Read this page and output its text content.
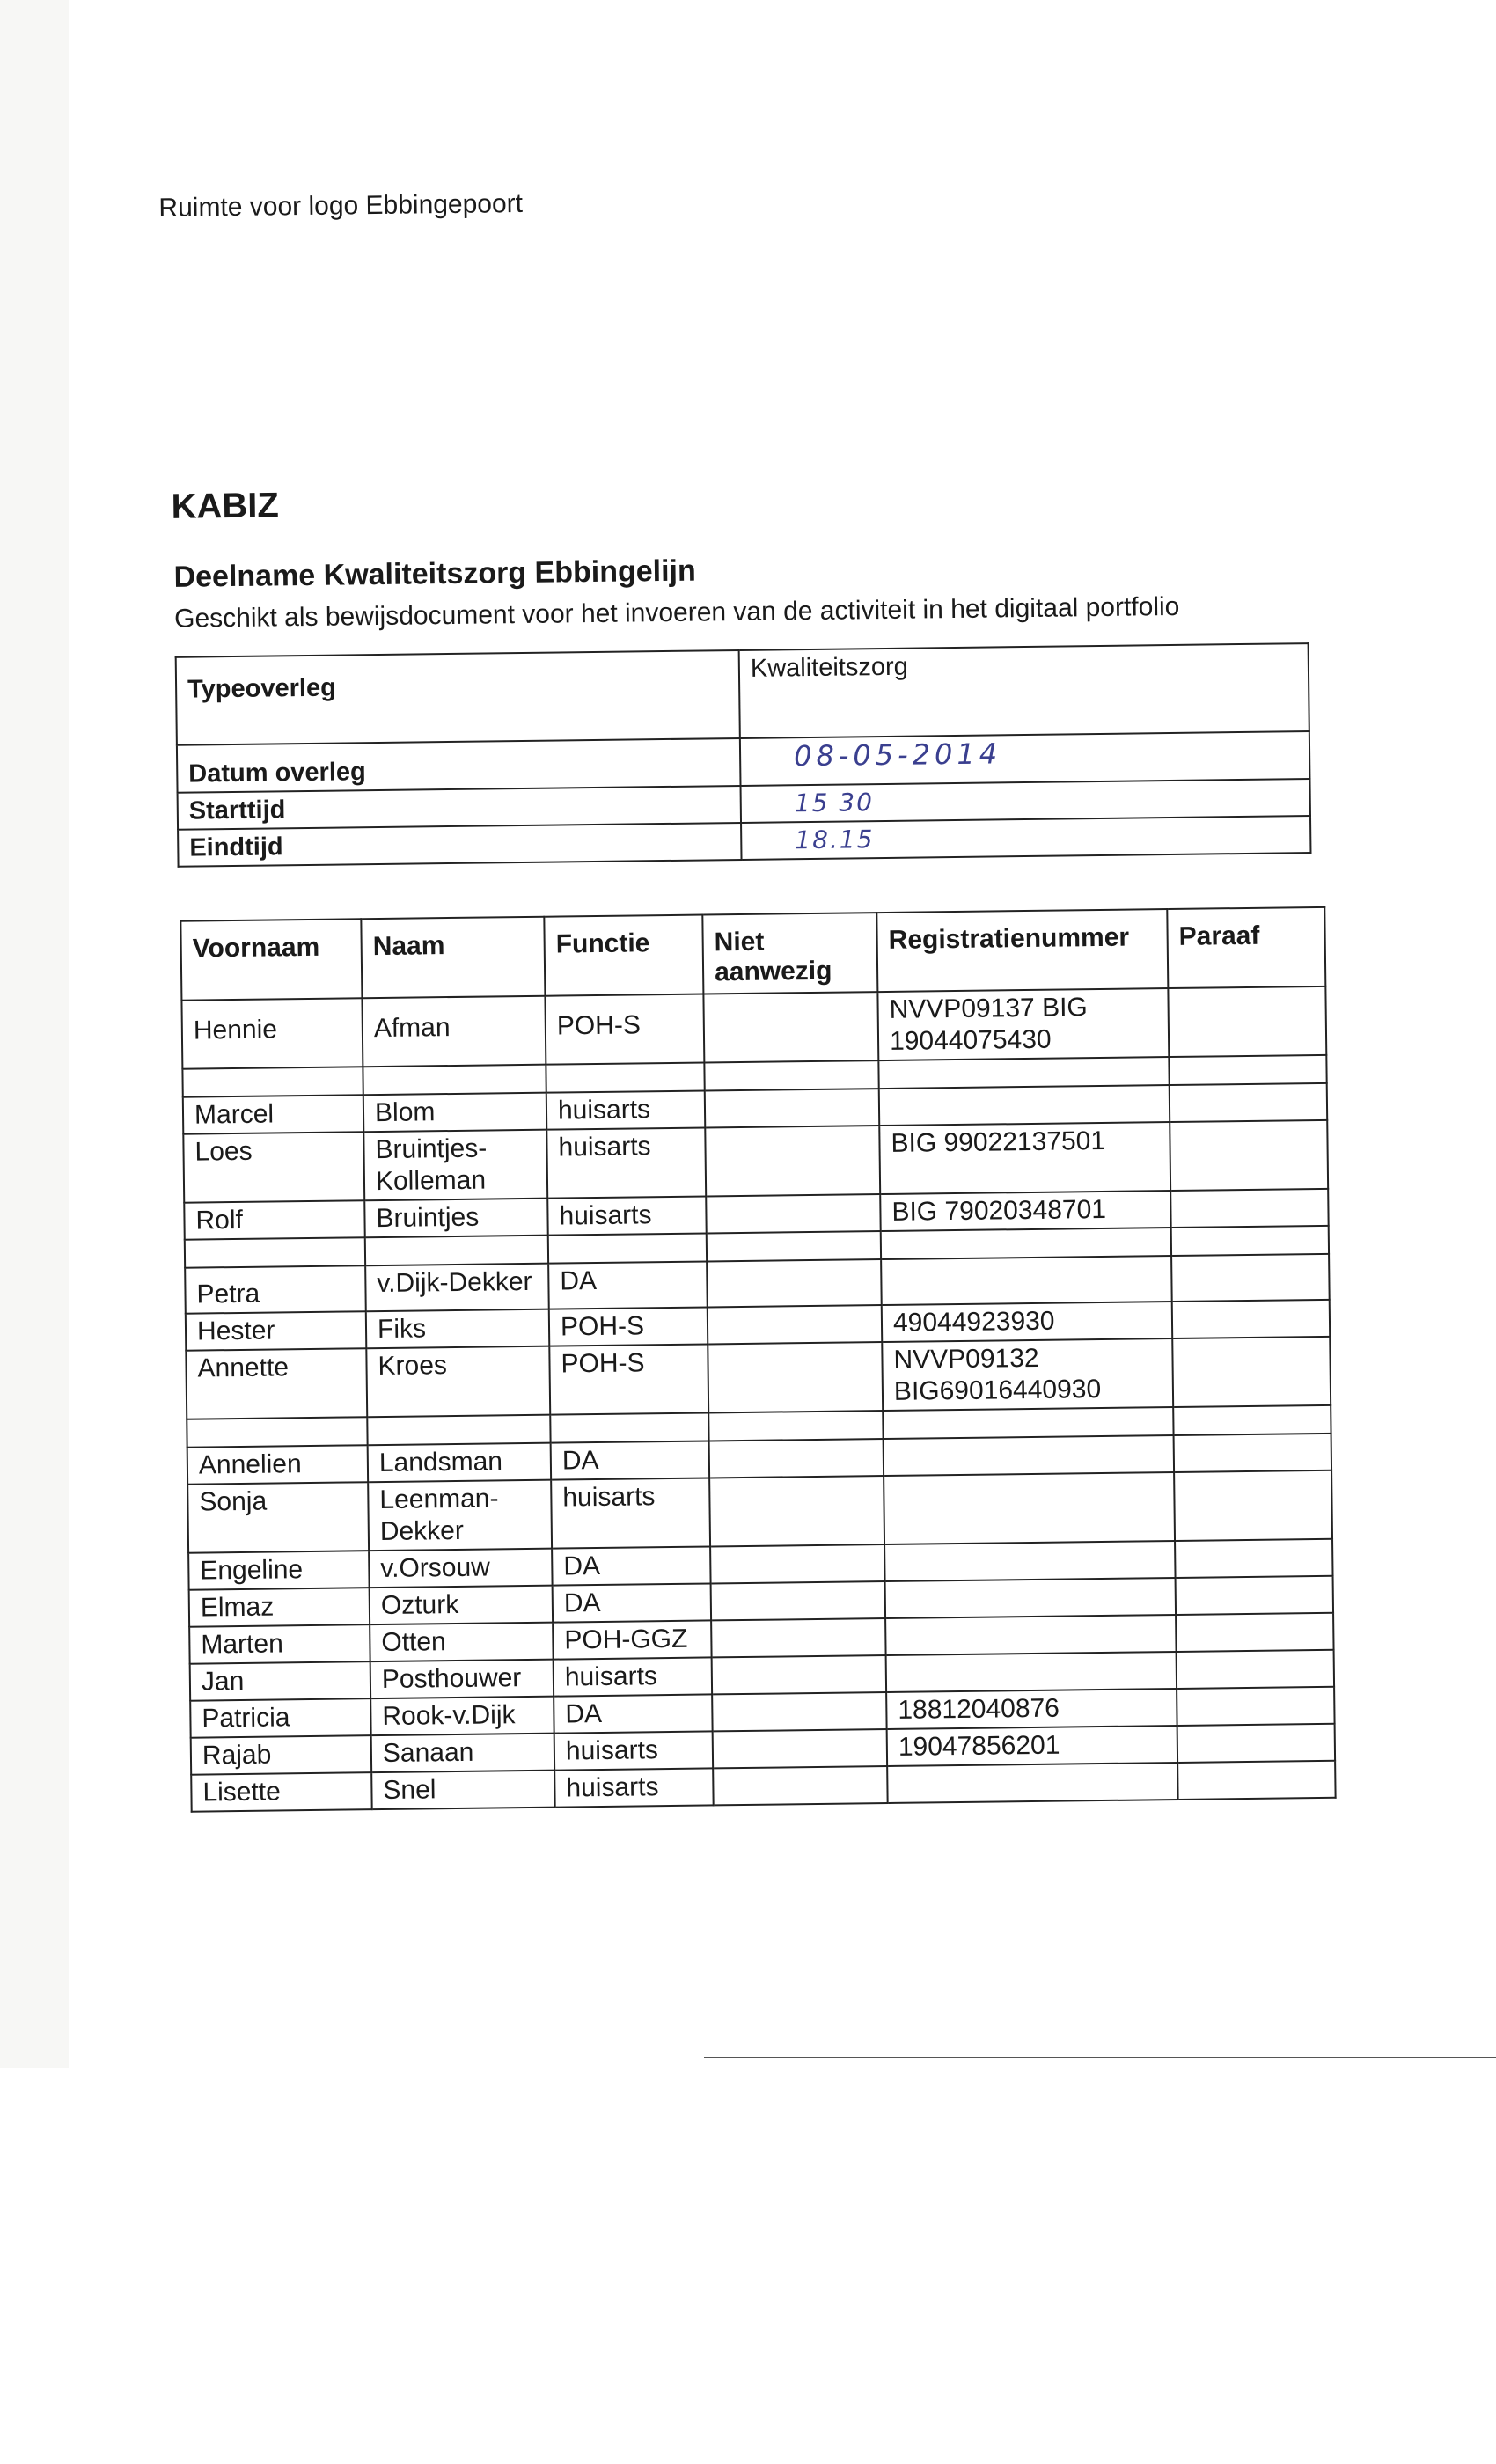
Ruimte voor logo Ebbingepoort
KABIZ
Deelname Kwaliteitszorg Ebbingelijn
Geschikt als bewijsdocument voor het invoeren van de activiteit in het digitaal portfolio
Typeoverleg	Kwaliteitszorg
Datum overleg	08-05-2014
Starttijd	15 30
Eindtijd	18.15
Voornaam	Naam	Functie	Niet aanwezig	Registratienummer	Paraaf
Hennie	Afman	POH-S		NVVP09137 BIG 19044075430	

Marcel	Blom	huisarts			
Loes	Bruintjes-Kolleman	huisarts		BIG 99022137501	
Rolf	Bruintjes	huisarts		BIG 79020348701	

Petra	v.Dijk-Dekker	DA			
Hester	Fiks	POH-S		49044923930	
Annette	Kroes	POH-S		NVVP09132 BIG69016440930	

Annelien	Landsman	DA			
Sonja	Leenman-Dekker	huisarts			
Engeline	v.Orsouw	DA			
Elmaz	Ozturk	DA			
Marten	Otten	POH-GGZ			
Jan	Posthouwer	huisarts			
Patricia	Rook-v.Dijk	DA		18812040876	
Rajab	Sanaan	huisarts		19047856201	
Lisette	Snel	huisarts			
